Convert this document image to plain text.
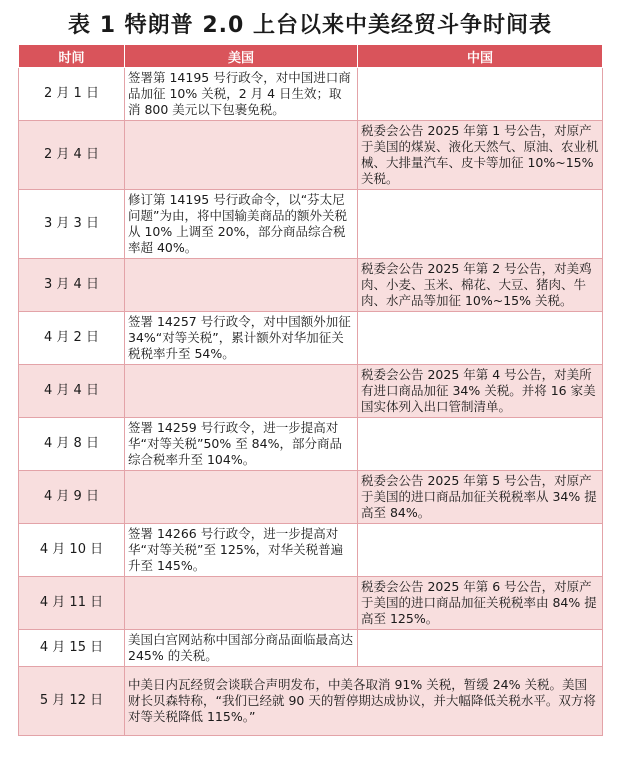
表 1 特朗普 2.0 上台以来中美经贸斗争时间表
时间	美国	中国
2 月 1 日	签署第 14195 号行政令，对中国进口商品加征 10% 关税，2 月 4 日生效；取消 800 美元以下包裹免税。	
2 月 4 日		税委会公告 2025 年第 1 号公告，对原产于美国的煤炭、液化天然气、原油、农业机械、大排量汽车、皮卡等加征 10%~15% 关税。
3 月 3 日	修订第 14195 号行政命令，以“芬太尼问题”为由，将中国输美商品的额外关税从 10% 上调至 20%，部分商品综合税率超 40%。	
3 月 4 日		税委会公告 2025 年第 2 号公告，对美鸡肉、小麦、玉米、棉花、大豆、猪肉、牛肉、水产品等加征 10%~15% 关税。
4 月 2 日	签署 14257 号行政令，对中国额外加征 34%“对等关税”，累计额外对华加征关税税率升至 54%。	
4 月 4 日		税委会公告 2025 年第 4 号公告，对美所有进口商品加征 34% 关税。并将 16 家美国实体列入出口管制清单。
4 月 8 日	签署 14259 号行政令，进一步提高对华“对等关税”50% 至 84%，部分商品综合税率升至 104%。	
4 月 9 日		税委会公告 2025 年第 5 号公告，对原产于美国的进口商品加征关税税率从 34% 提高至 84%。
4 月 10 日	签署 14266 号行政令，进一步提高对华“对等关税”至 125%，对华关税普遍升至 145%。	
4 月 11 日		税委会公告 2025 年第 6 号公告，对原产于美国的进口商品加征关税税率由 84% 提高至 125%。
4 月 15 日	美国白宫网站称中国部分商品面临最高达 245% 的关税。	
5 月 12 日	中美日内瓦经贸会谈联合声明发布，中美各取消 91% 关税，暂缓 24% 关税。美国财长贝森特称，“我们已经就 90 天的暂停期达成协议，并大幅降低关税水平。双方将对等关税降低 115%。”	
